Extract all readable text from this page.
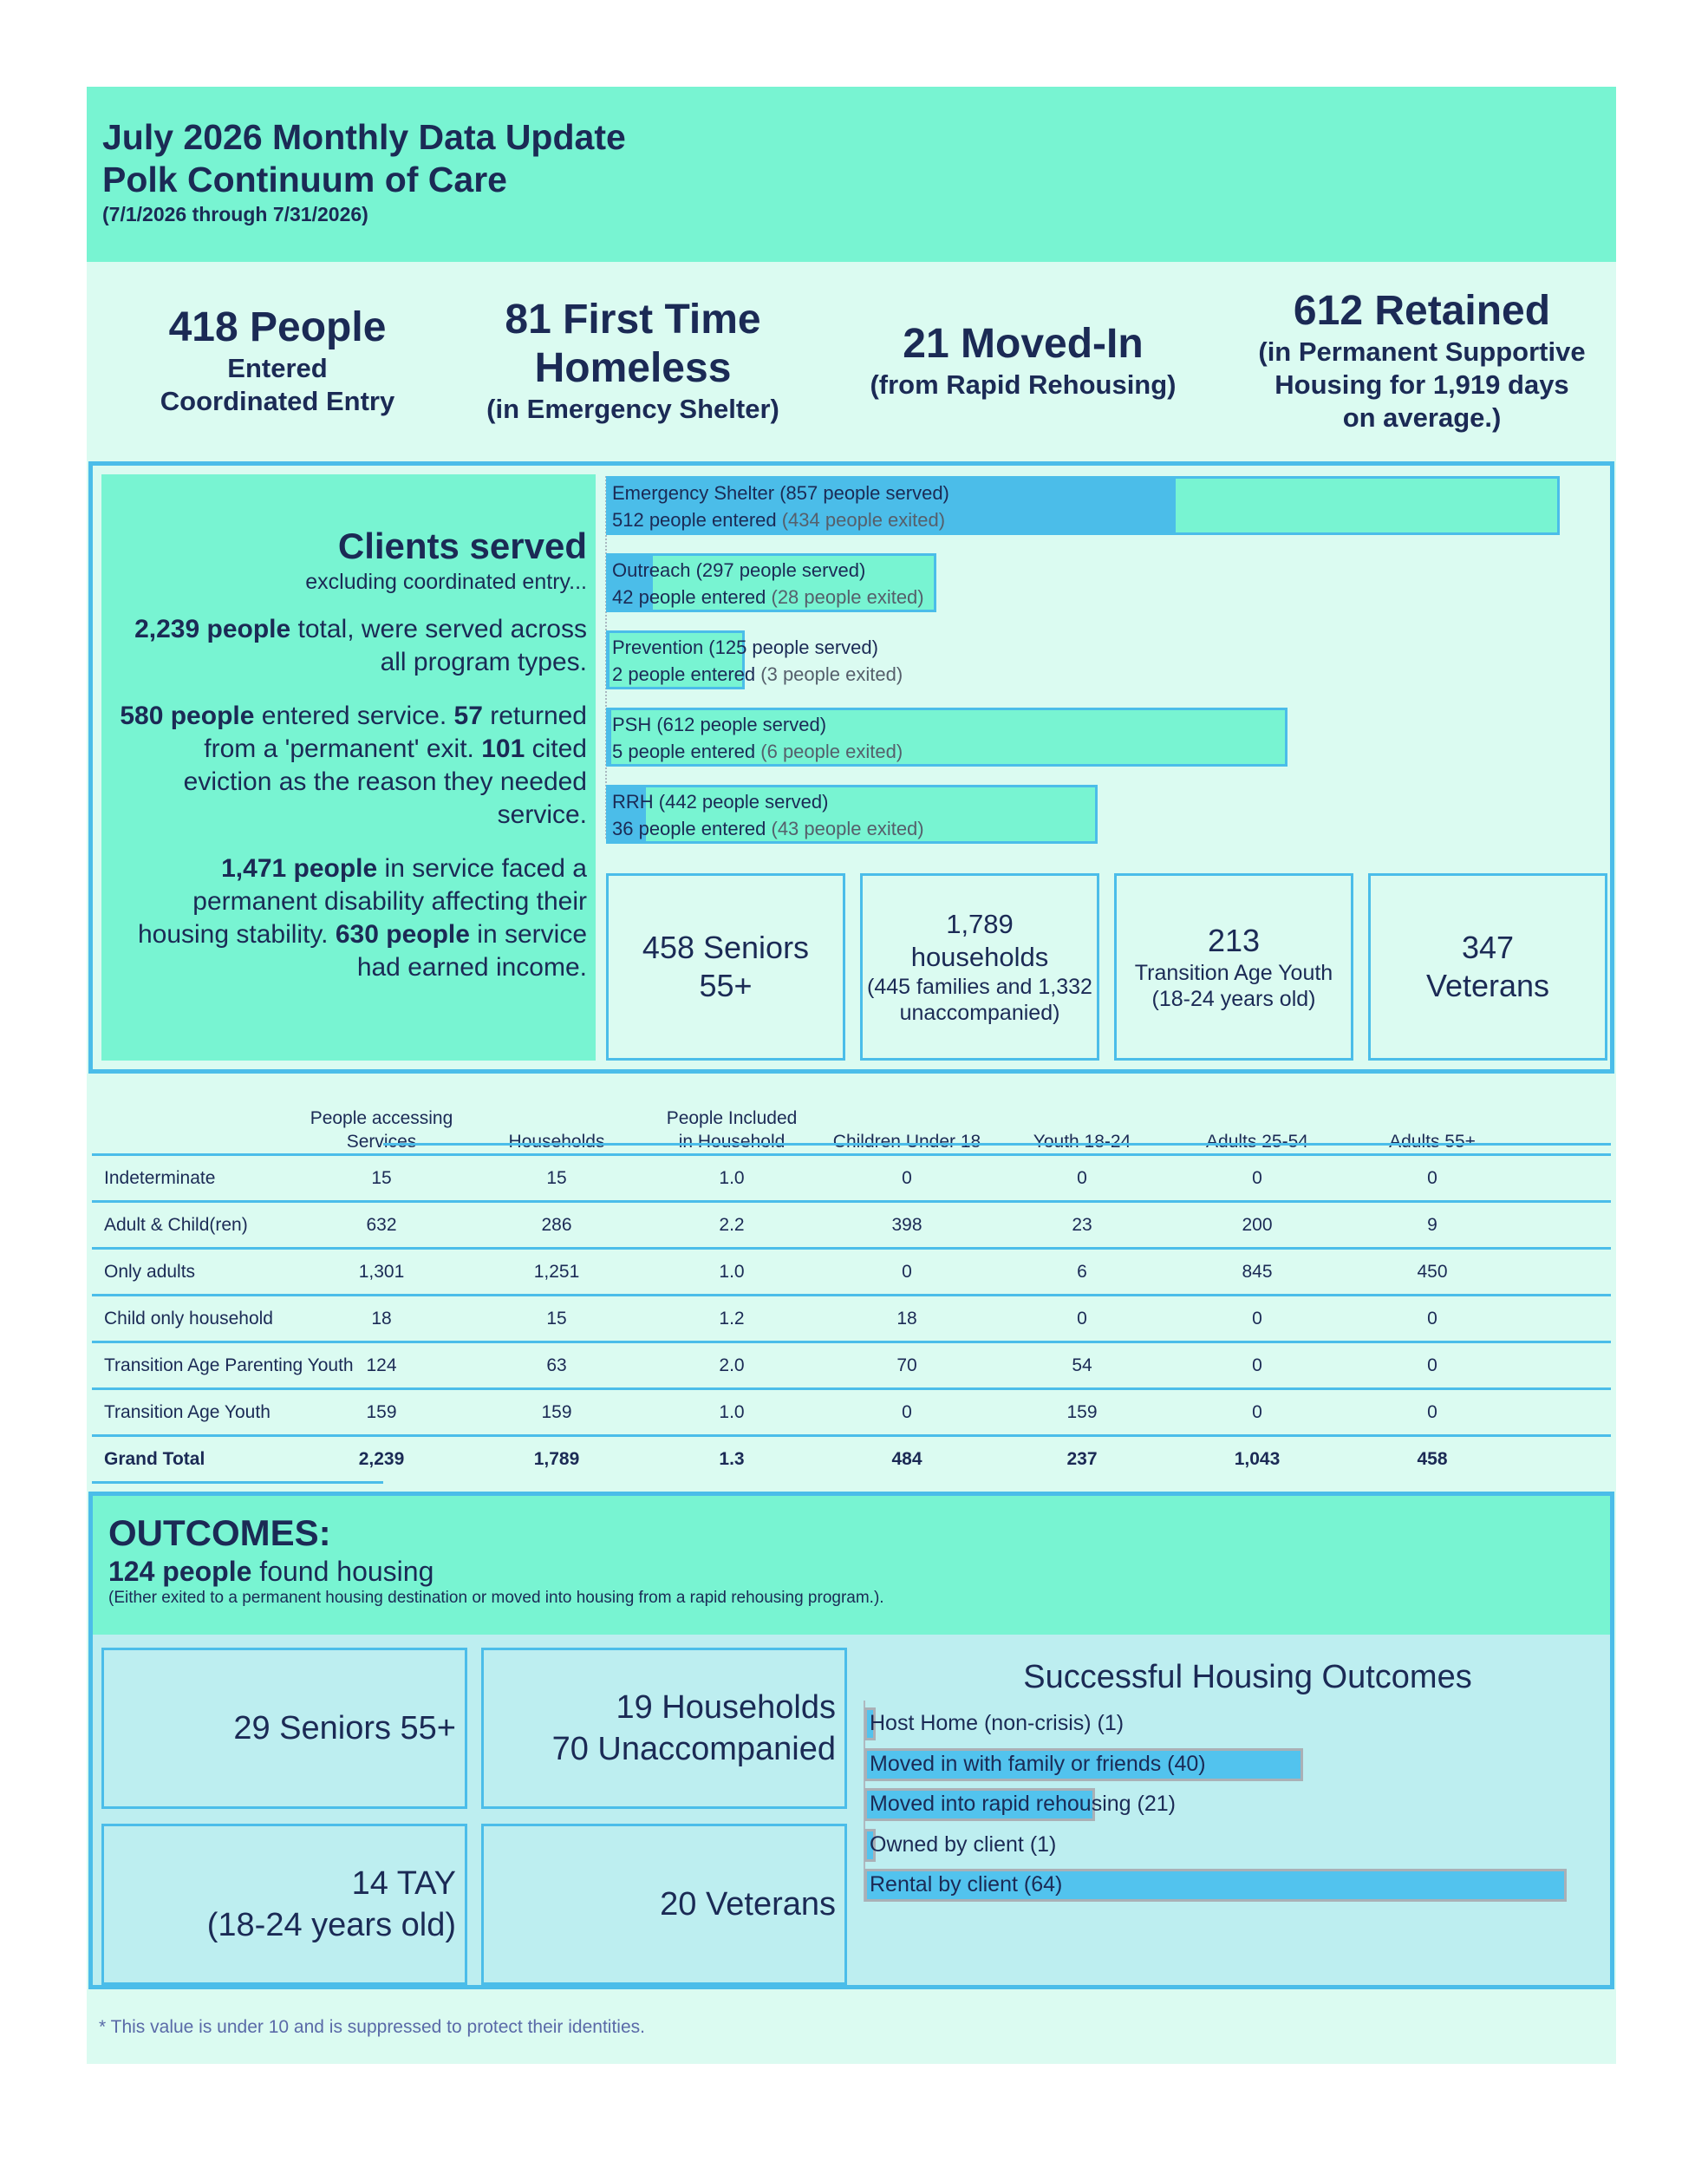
July 2026 Monthly Data Update
Polk Continuum of Care
(7/1/2026 through 7/31/2026)
418 People
Entered
Coordinated Entry
81 First Time
Homeless
(in Emergency Shelter)
21 Moved-In
(from Rapid Rehousing)
612 Retained
(in Permanent Supportive
Housing for 1,919 days
on average.)
Clients served
excluding coordinated entry...

2,239 people total, were served across all program types.

580 people entered service. 57 returned from a 'permanent' exit. 101 cited eviction as the reason they needed service.

1,471 people in service faced a permanent disability affecting their housing stability. 630 people in service had earned income.

Emergency Shelter (857 people served)
512 people entered (434 people exited)
Outreach (297 people served)
42 people entered (28 people exited)
Prevention (125 people served)
2 people entered (3 people exited)
PSH (612 people served)
5 people entered (6 people exited)
RRH (442 people served)
36 people entered (43 people exited)
458 Seniors
55+
1,789
households
(445 families and 1,332 unaccompanied)
213
Transition Age Youth
(18-24 years old)
347
Veterans
People accessing
Services	Households
People Included
in Household	Children Under 18	Youth 18-24	Adults 25-54	Adults 55+
Indeterminate	15	15	1.0	0	0	0	0
Adult & Child(ren)	632	286	2.2	398	23	200	9
Only adults	1,301	1,251	1.0	0	6	845	450
Child only household	18	15	1.2	18	0	0	0
Transition Age Parenting Youth 124	63	2.0	70	54	0	0
Transition Age Youth	159	159	1.0	0	159	0	0
Grand Total	2,239	1,789	1.3	484	237	1,043	458
OUTCOMES:
124 people found housing
(Either exited to a permanent housing destination or moved into housing from a rapid rehousing program.).
29 Seniors 55+
19 Households
70 Unaccompanied
14 TAY
(18-24 years old)
20 Veterans
Successful Housing Outcomes
Host Home (non-crisis) (1)
Moved in with family or friends (40)
Moved into rapid rehousing (21)
Owned by client (1)
Rental by client (64)
* This value is under 10 and is suppressed to protect their identities.
